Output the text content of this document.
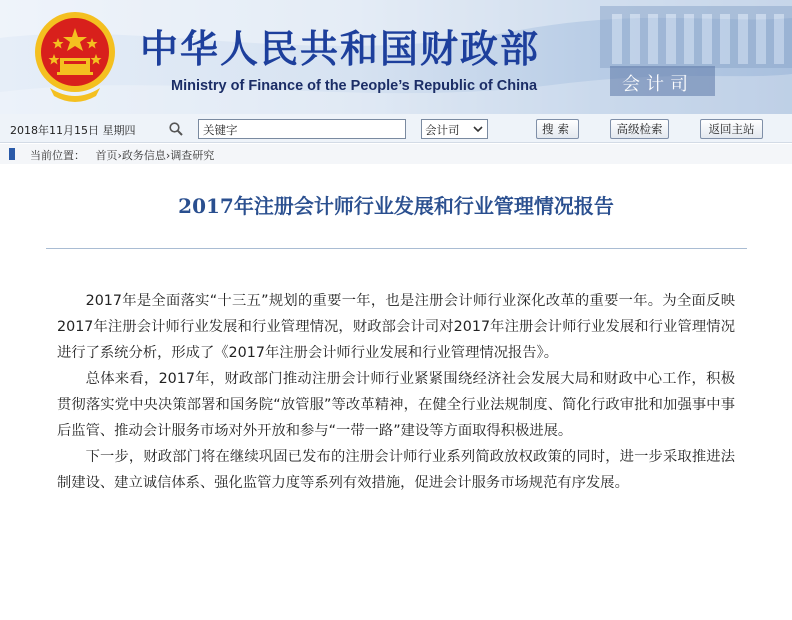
中华人民共和国财政部
Ministry of Finance of the People’s Republic of China	会计司
2018年11月15日 星期四	关键字	会计司	搜索	高级检索	返回主站
当前位置： 首页›政务信息›调查研究
2017年注册会计师行业发展和行业管理情况报告

2017年是全面落实“十三五”规划的重要一年，也是注册会计师行业深化改革的重要一年。为全面反映2017年注册会计师行业发展和行业管理情况，财政部会计司对2017年注册会计师行业发展和行业管理情况进行了系统分析，形成了《2017年注册会计师行业发展和行业管理情况报告》。

总体来看，2017年，财政部门推动注册会计师行业紧紧围绕经济社会发展大局和财政中心工作，积极贯彻落实党中央决策部署和国务院“放管服”等改革精神，在健全行业法规制度、简化行政审批和加强事中事后监管、推动会计服务市场对外开放和参与“一带一路”建设等方面取得积极进展。

下一步，财政部门将在继续巩固已发布的注册会计师行业系列简政放权政策的同时，进一步采取推进法制建设、建立诚信体系、强化监管力度等系列有效措施，促进会计服务市场规范有序发展。
